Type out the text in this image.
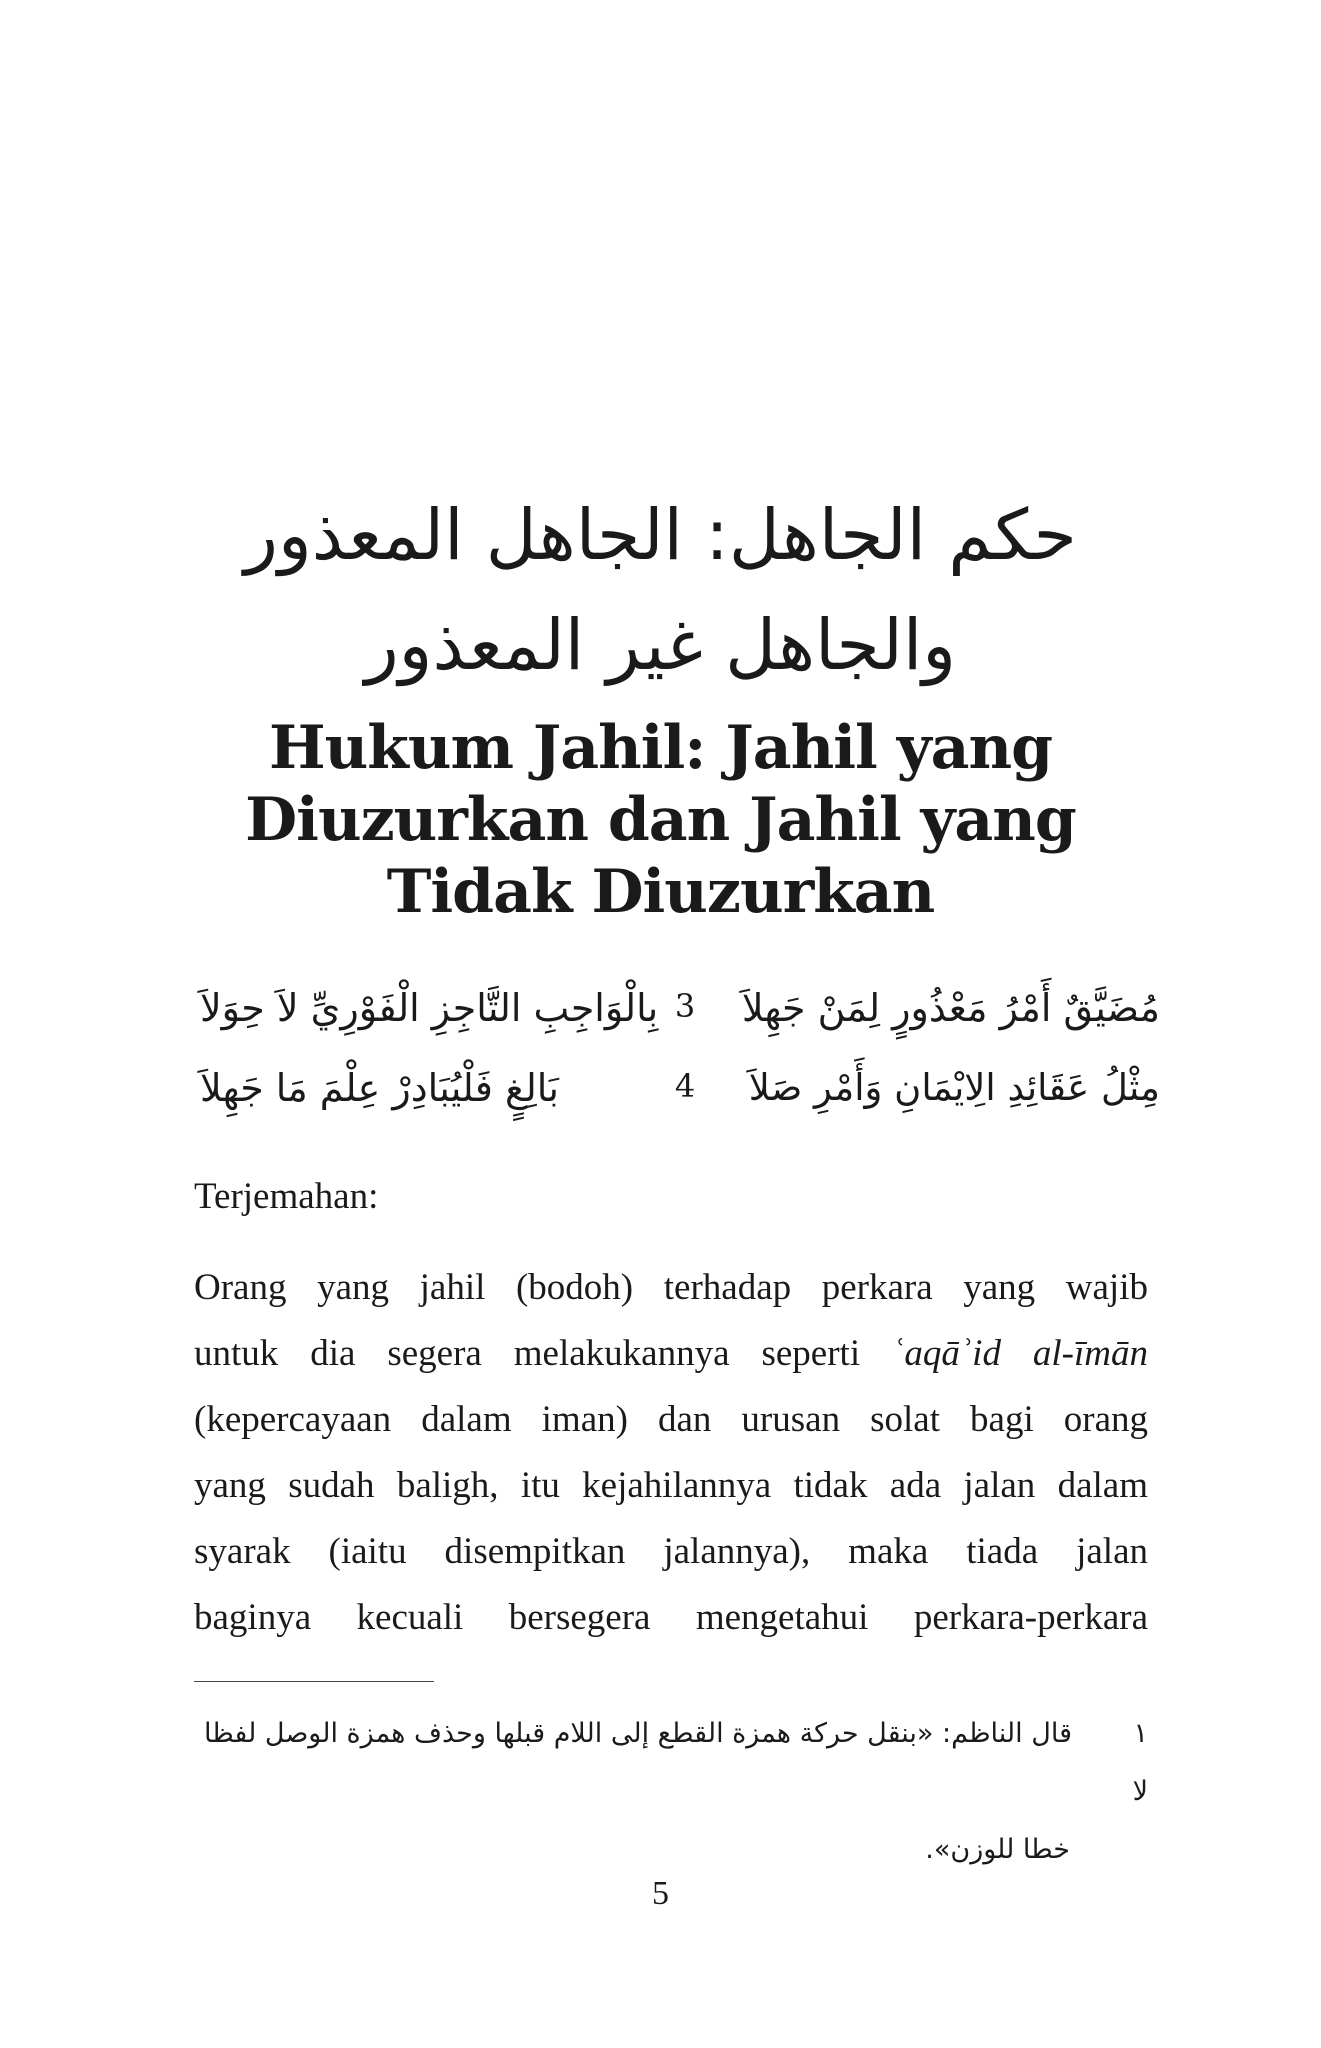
حكم الجاهل: الجاهل المعذور
والجاهل غير المعذور
Hukum Jahil: Jahil yang
Diuzurkan dan Jahil yang
Tidak Diuzurkan
مُضَيَّقٌ أَمْرُ مَعْذُورٍ لِمَنْ جَهِلاَ
3
بِالْوَاجِبِ التَّاجِزِ الْفَوْرِيِّ لاَ حِوَلاَ
مِثْلُ عَقَائِدِ الِايْمَانِ وَأَمْرِ صَلاَ
4
بَالِغٍ فَلْيُبَادِرْ عِلْمَ مَا جَهِلاَ
Terjemahan:
Orang yang jahil (bodoh) terhadap perkara yang wajib
untuk dia segera melakukannya seperti ʿaqāʾid al-īmān
(kepercayaan dalam iman) dan urusan solat bagi orang
yang sudah baligh, itu kejahilannya tidak ada jalan dalam
syarak (iaitu disempitkan jalannya), maka tiada jalan
baginya kecuali bersegera mengetahui perkara-perkara
١قال الناظم: «بنقل حركة همزة القطع إلى اللام قبلها وحذف همزة الوصل لفظا لا
خطا للوزن».
5
